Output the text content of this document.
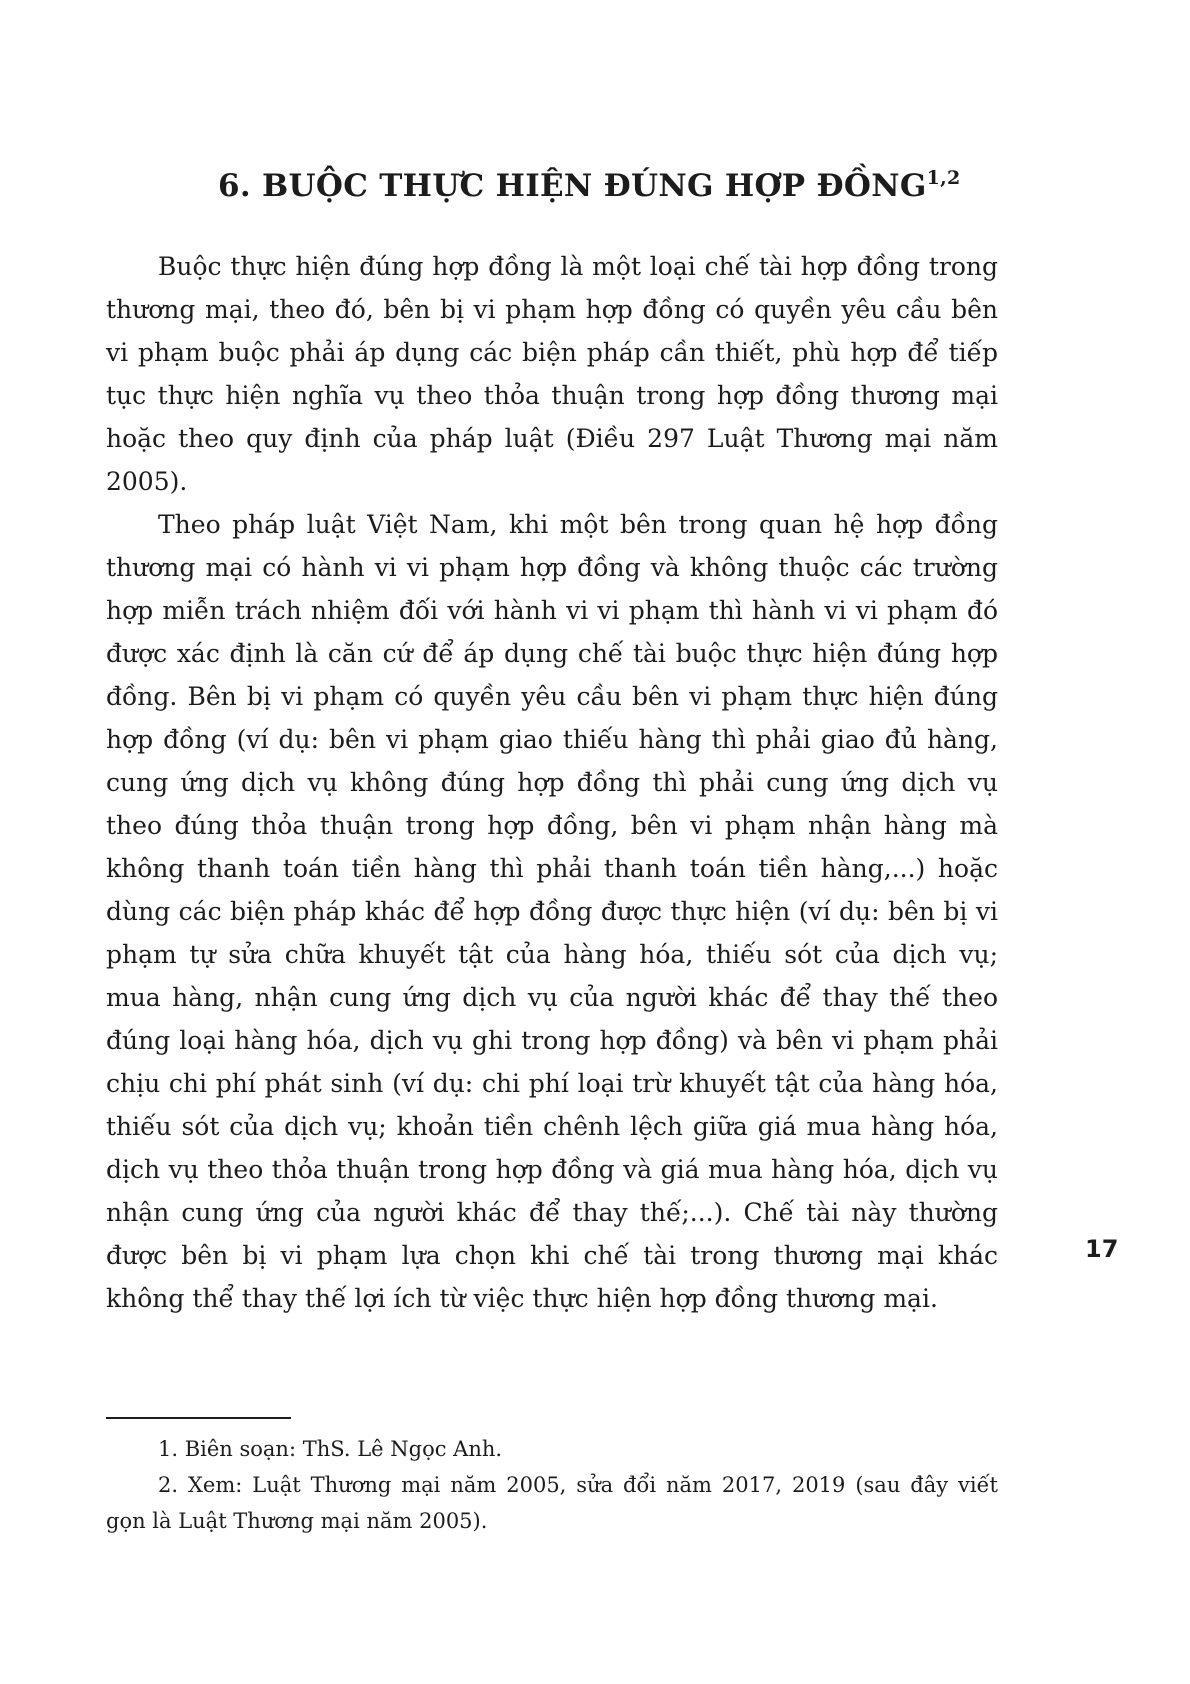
6. BUỘC THỰC HIỆN ĐÚNG HỢP ĐỒNG$^{1,2}$

Buộc thực hiện đúng hợp đồng là một loại chế tài hợp đồng trong thương mại, theo đó, bên bị vi phạm hợp đồng có quyền yêu cầu bên vi phạm buộc phải áp dụng các biện pháp cần thiết, phù hợp để tiếp tục thực hiện nghĩa vụ theo thỏa thuận trong hợp đồng thương mại hoặc theo quy định của pháp luật (Điều 297 Luật Thương mại năm 2005).

Theo pháp luật Việt Nam, khi một bên trong quan hệ hợp đồng thương mại có hành vi vi phạm hợp đồng và không thuộc các trường hợp miễn trách nhiệm đối với hành vi vi phạm thì hành vi vi phạm đó được xác định là căn cứ để áp dụng chế tài buộc thực hiện đúng hợp đồng. Bên bị vi phạm có quyền yêu cầu bên vi phạm thực hiện đúng hợp đồng (ví dụ: bên vi phạm giao thiếu hàng thì phải giao đủ hàng, cung ứng dịch vụ không đúng hợp đồng thì phải cung ứng dịch vụ theo đúng thỏa thuận trong hợp đồng, bên vi phạm nhận hàng mà không thanh toán tiền hàng thì phải thanh toán tiền hàng,...) hoặc dùng các biện pháp khác để hợp đồng được thực hiện (ví dụ: bên bị vi phạm tự sửa chữa khuyết tật của hàng hóa, thiếu sót của dịch vụ; mua hàng, nhận cung ứng dịch vụ của người khác để thay thế theo đúng loại hàng hóa, dịch vụ ghi trong hợp đồng) và bên vi phạm phải chịu chi phí phát sinh (ví dụ: chi phí loại trừ khuyết tật của hàng hóa, thiếu sót của dịch vụ; khoản tiền chênh lệch giữa giá mua hàng hóa, dịch vụ theo thỏa thuận trong hợp đồng và giá mua hàng hóa, dịch vụ nhận cung ứng của người khác để thay thế;...). Chế tài này thường được bên bị vi phạm lựa chọn khi chế tài trong thương mại khác không thể thay thế lợi ích từ việc thực hiện hợp đồng thương mại.

17

1. Biên soạn: ThS. Lê Ngọc Anh.

2. Xem: Luật Thương mại năm 2005, sửa đổi năm 2017, 2019 (sau đây viết gọn là Luật Thương mại năm 2005).
